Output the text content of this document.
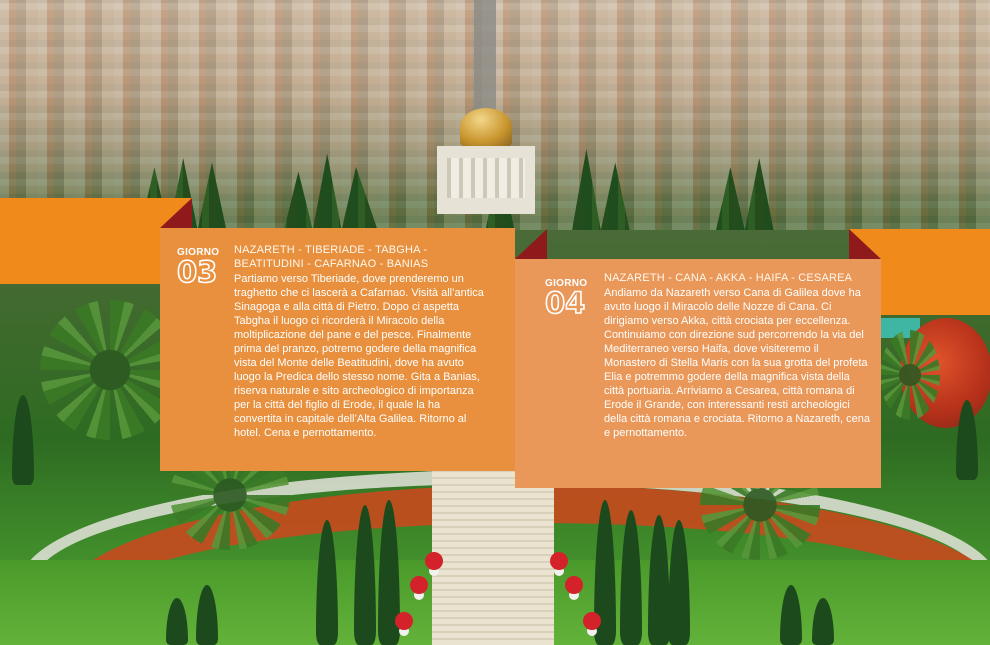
GIORNO
03
NAZARETH - TIBERIADE - TABGHA - BEATITUDINI - CAFARNAO - BANIAS

Partiamo verso Tiberiade, dove prenderemo un traghetto che ci lascerà a Cafarnao. Visità all’antica Sinagoga e alla città di Pietro. Dopo ci aspetta Tabgha il luogo ci ricorderà il Miracolo della moltiplicazione del pane e del pesce. Finalmente prima del pranzo, potremo godere della magnifica vista del Monte delle Beatitudini, dove ha avuto luogo la Predica dello stesso nome. Gita a Banias, riserva naturale e sito archeologico di importanza per la città del figlio di Erode, il quale la ha convertita in capitale dell’Alta Galilea. Ritorno al hotel. Cena e pernottamento.

GIORNO
04
NAZARETH - CANA - AKKA - HAIFA - CESAREA

Andiamo da Nazareth verso Cana di Galilea dove ha avuto luogo il Miracolo delle Nozze di Cana. Ci dirigiamo verso Akka, città crociata per eccellenza. Continuiamo con direzione sud percorrendo la via del Mediterraneo verso Haifa, dove visiteremo il Monastero di Stella Maris con la sua grotta del profeta Elia e potremmo godere della magnifica vista della città portuaria. Arriviamo a Cesarea, città romana di Erode il Grande, con interessanti resti archeologici della città romana e crociata. Ritorno a Nazareth, cena e pernottamento.
